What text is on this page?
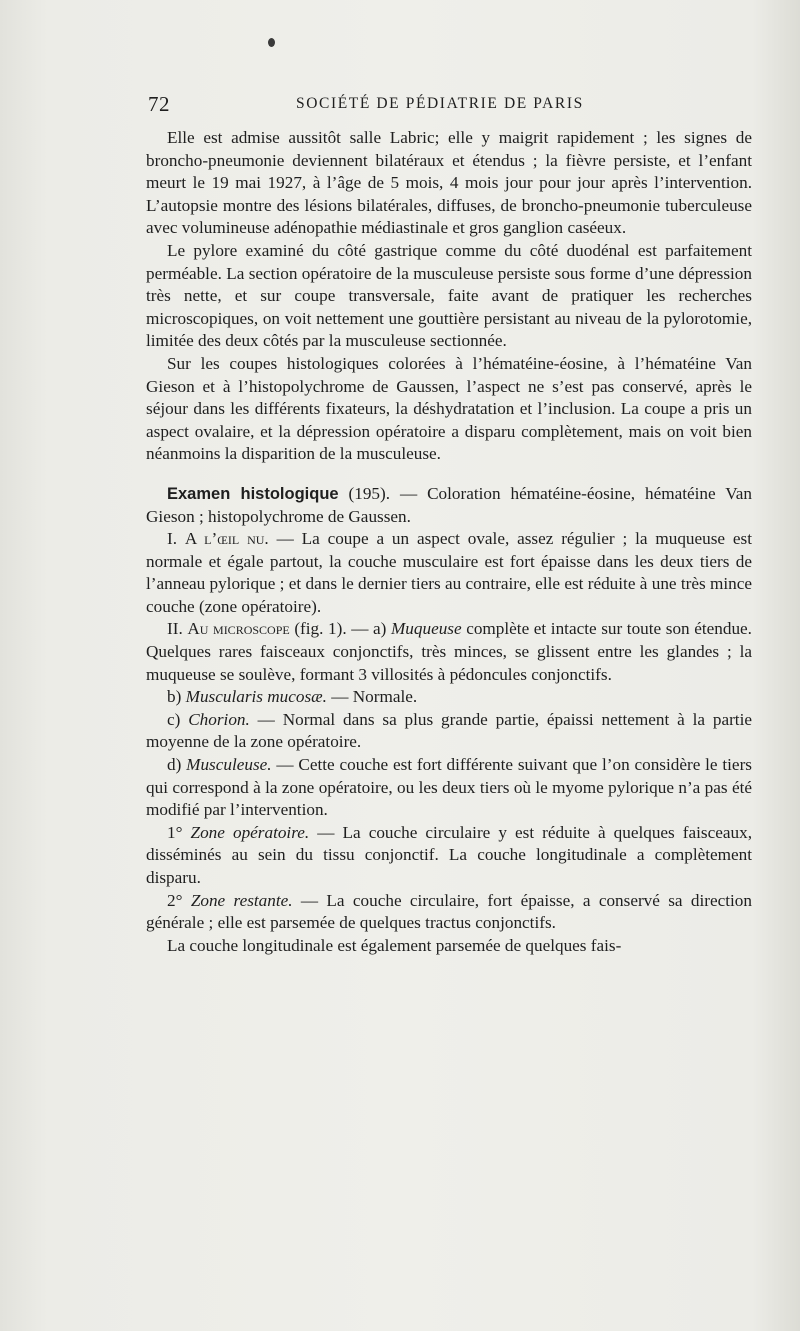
72	SOCIÉTÉ DE PÉDIATRIE DE PARIS

Elle est admise aussitôt salle Labric; elle y maigrit rapidement ; les signes de broncho-pneumonie deviennent bilatéraux et étendus ; la fièvre persiste, et l’enfant meurt le 19 mai 1927, à l’âge de 5 mois, 4 mois jour pour jour après l’intervention. L’autopsie montre des lésions bilatérales, diffuses, de broncho-pneumonie tuberculeuse avec volumineuse adénopathie médiastinale et gros ganglion caséeux.

Le pylore examiné du côté gastrique comme du côté duodénal est parfaitement perméable. La section opératoire de la musculeuse persiste sous forme d’une dépression très nette, et sur coupe transversale, faite avant de pratiquer les recherches microscopiques, on voit nettement une gouttière persistant au niveau de la pylorotomie, limitée des deux côtés par la musculeuse sectionnée.

Sur les coupes histologiques colorées à l’hématéine-éosine, à l’hématéine Van Gieson et à l’histopolychrome de Gaussen, l’aspect ne s’est pas conservé, après le séjour dans les différents fixateurs, la déshydratation et l’inclusion. La coupe a pris un aspect ovalaire, et la dépression opératoire a disparu complètement, mais on voit bien néanmoins la disparition de la musculeuse.

Examen histologique (195). — Coloration hématéine-éosine, hématéine Van Gieson ; histopolychrome de Gaussen.

I. A l’œil nu. — La coupe a un aspect ovale, assez régulier ; la muqueuse est normale et égale partout, la couche musculaire est fort épaisse dans les deux tiers de l’anneau pylorique ; et dans le dernier tiers au contraire, elle est réduite à une très mince couche (zone opératoire).

II. Au microscope (fig. 1). — a) Muqueuse complète et intacte sur toute son étendue. Quelques rares faisceaux conjonctifs, très minces, se glissent entre les glandes ; la muqueuse se soulève, formant 3 villosités à pédoncules conjonctifs.

b) Muscularis mucosæ. — Normale.

c) Chorion. — Normal dans sa plus grande partie, épaissi nettement à la partie moyenne de la zone opératoire.

d) Musculeuse. — Cette couche est fort différente suivant que l’on considère le tiers qui correspond à la zone opératoire, ou les deux tiers où le myome pylorique n’a pas été modifié par l’intervention.

1° Zone opératoire. — La couche circulaire y est réduite à quelques faisceaux, disséminés au sein du tissu conjonctif. La couche longitudinale a complètement disparu.

2° Zone restante. — La couche circulaire, fort épaisse, a conservé sa direction générale ; elle est parsemée de quelques tractus conjonctifs.

La couche longitudinale est également parsemée de quelques fais-
